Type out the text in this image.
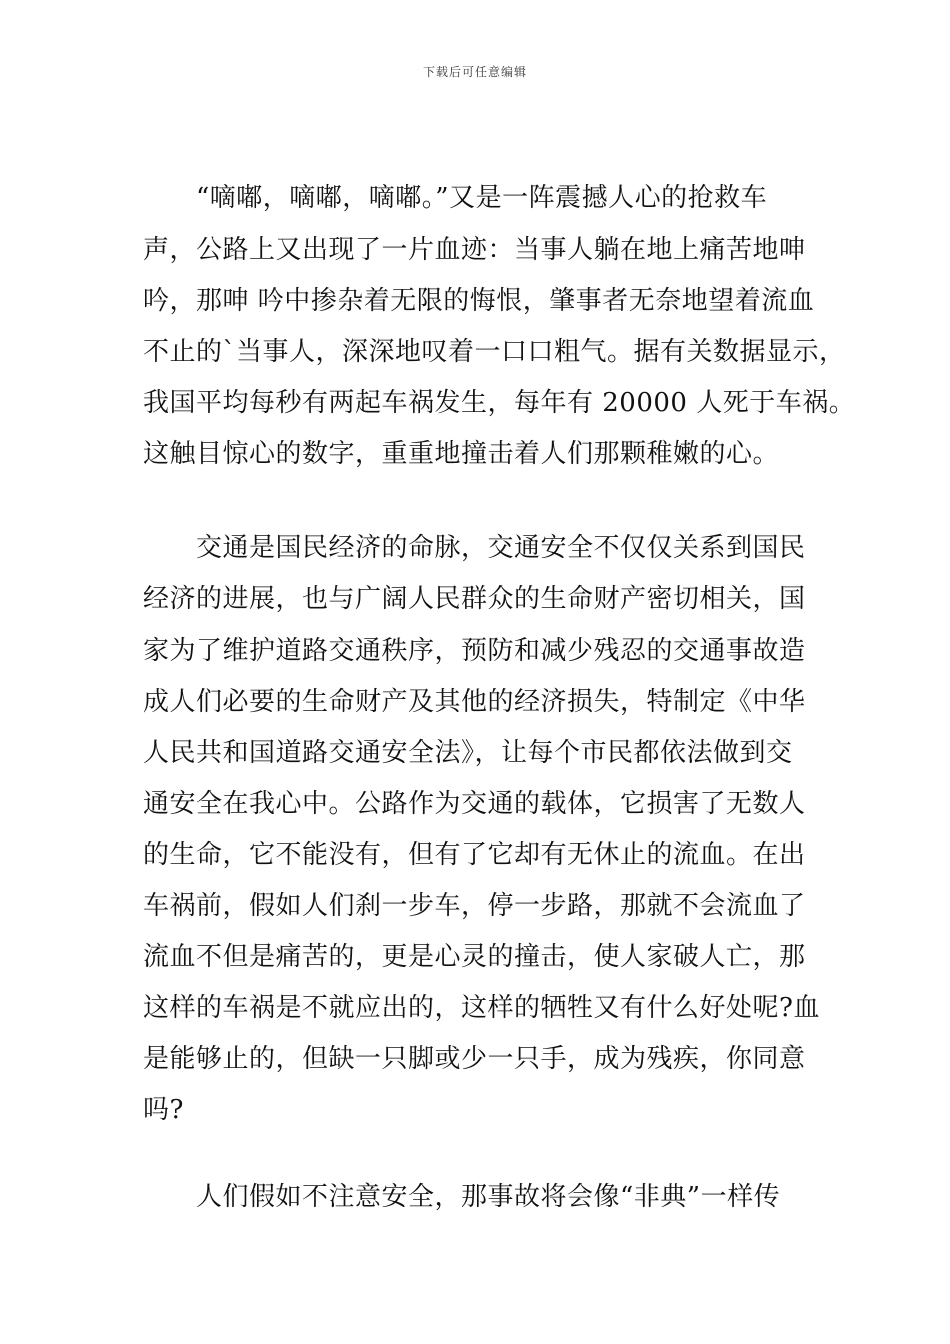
下载后可任意编辑
　　“嘀嘟，嘀嘟，嘀嘟。”又是一阵震撼人心的抢救车
声，公路上又出现了一片血迹：当事人躺在地上痛苦地呻
吟，那呻 吟中掺杂着无限的悔恨，肇事者无奈地望着流血
不止的`当事人，深深地叹着一口口粗气。据有关数据显示，
我国平均每秒有两起车祸发生，每年有 20000 人死于车祸。
这触目惊心的数字，重重地撞击着人们那颗稚嫩的心。
　　交通是国民经济的命脉，交通安全不仅仅关系到国民
经济的进展，也与广阔人民群众的生命财产密切相关，国
家为了维护道路交通秩序，预防和减少残忍的交通事故造
成人们必要的生命财产及其他的经济损失，特制定《中华
人民共和国道路交通安全法》，让每个市民都依法做到交
通安全在我心中。公路作为交通的载体，它损害了无数人
的生命，它不能没有，但有了它却有无休止的流血。在出
车祸前，假如人们刹一步车，停一步路，那就不会流血了
流血不但是痛苦的，更是心灵的撞击，使人家破人亡，那
这样的车祸是不就应出的，这样的牺牲又有什么好处呢?血
是能够止的，但缺一只脚或少一只手，成为残疾，你同意
吗?
　　人们假如不注意安全，那事故将会像“非典”一样传
